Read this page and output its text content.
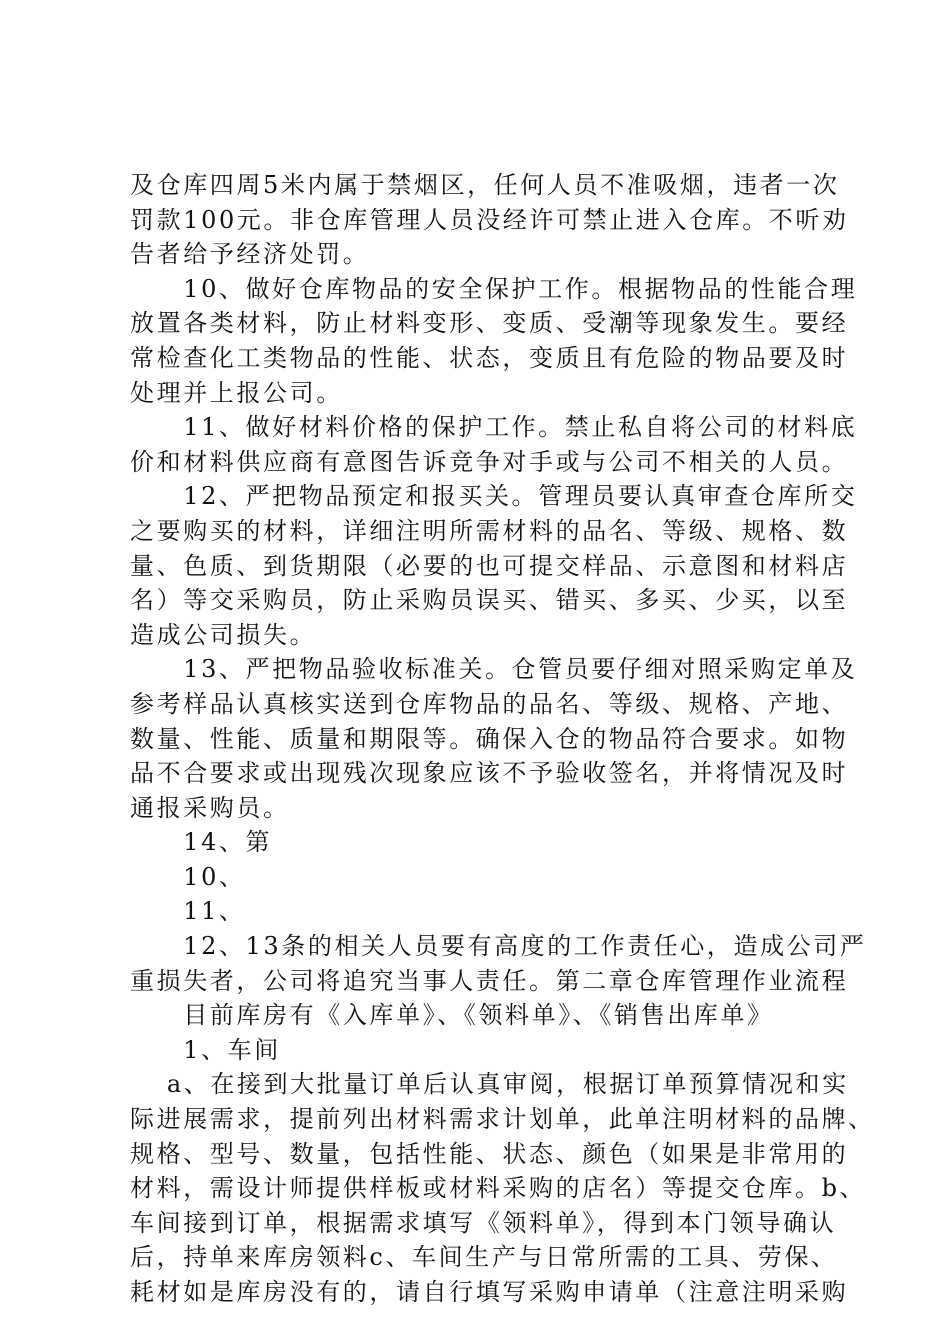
及仓库四周5米内属于禁烟区，任何人员不准吸烟，违者一次
罚款100元。非仓库管理人员没经许可禁止进入仓库。不听劝
告者给予经济处罚。
　　10、做好仓库物品的安全保护工作。根据物品的性能合理
放置各类材料，防止材料变形、变质、受潮等现象发生。要经
常检查化工类物品的性能、状态，变质且有危险的物品要及时
处理并上报公司。
　　11、做好材料价格的保护工作。禁止私自将公司的材料底
价和材料供应商有意图告诉竞争对手或与公司不相关的人员。
　　12、严把物品预定和报买关。管理员要认真审查仓库所交
之要购买的材料，详细注明所需材料的品名、等级、规格、数
量、色质、到货期限（必要的也可提交样品、示意图和材料店
名）等交采购员，防止采购员误买、错买、多买、少买，以至
造成公司损失。
　　13、严把物品验收标准关。仓管员要仔细对照采购定单及
参考样品认真核实送到仓库物品的品名、等级、规格、产地、
数量、性能、质量和期限等。确保入仓的物品符合要求。如物
品不合要求或出现残次现象应该不予验收签名，并将情况及时
通报采购员。
　　14、第
　　10、
　　11、
　　12、13条的相关人员要有高度的工作责任心，造成公司严
重损失者，公司将追究当事人责任。第二章仓库管理作业流程
　　目前库房有《入库单》、《领料单》、《销售出库单》
　　1、车间
　 a、在接到大批量订单后认真审阅，根据订单预算情况和实
际进展需求，提前列出材料需求计划单，此单注明材料的品牌、
规格、型号、数量，包括性能、状态、颜色（如果是非常用的
材料，需设计师提供样板或材料采购的店名）等提交仓库。b、
车间接到订单，根据需求填写《领料单》，得到本门领导确认
后，持单来库房领料c、车间生产与日常所需的工具、劳保、
耗材如是库房没有的，请自行填写采购申请单（注意注明采购
